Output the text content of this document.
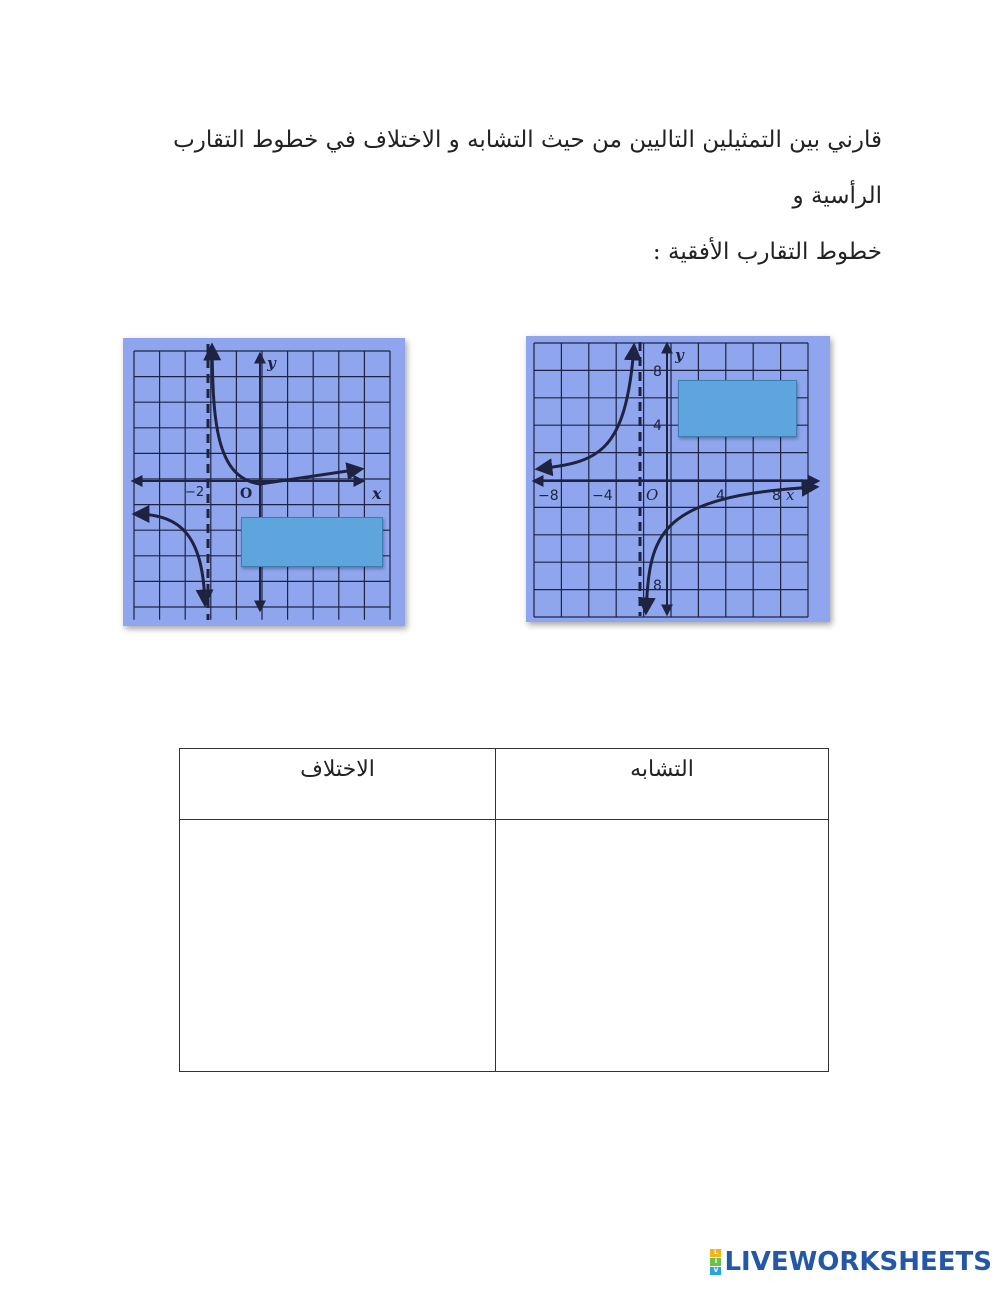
قارني بين التمثيلين التاليين من حيث التشابه و الاختلاف في خطوط التقارب الرأسية و

خطوط التقارب الأفقية :

y
x
O
−2
y
x
O
−8 −4	4	8
8
4
8
التشابه	الاختلاف

L
I
V LIVEWORKSHEETS
